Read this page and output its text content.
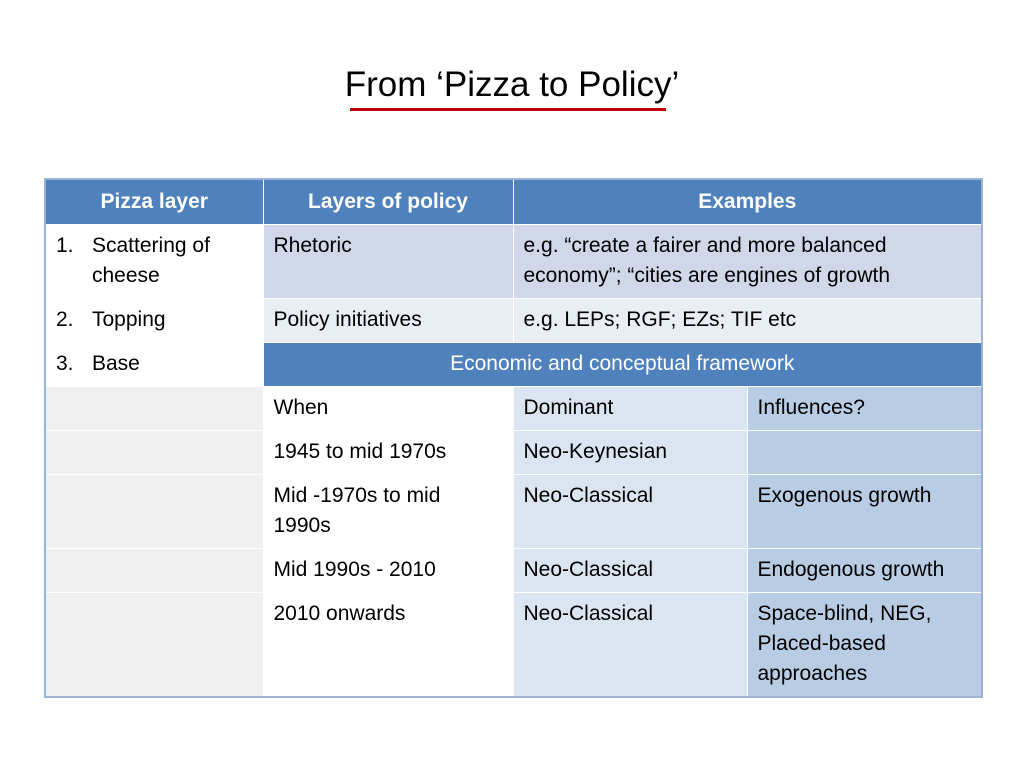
From ‘Pizza to Policy’
Pizza layer	Layers of policy	Examples	

1. Scattering of cheese	Rhetoric	e.g. “create a fairer and more balanced economy”; “cities are engines of growth	

2. Topping	Policy initiatives	e.g. LEPs; RGF; EZs; TIF etc	

3. Base	Economic and conceptual framework		
	When	Dominant	Influences?
	1945 to mid 1970s	Neo-Keynesian	
	Mid -1970s to mid 1990s	Neo-Classical	Exogenous growth
	Mid 1990s - 2010	Neo-Classical	Endogenous growth
	2010 onwards	Neo-Classical	Space-blind, NEG, Placed-based approaches
